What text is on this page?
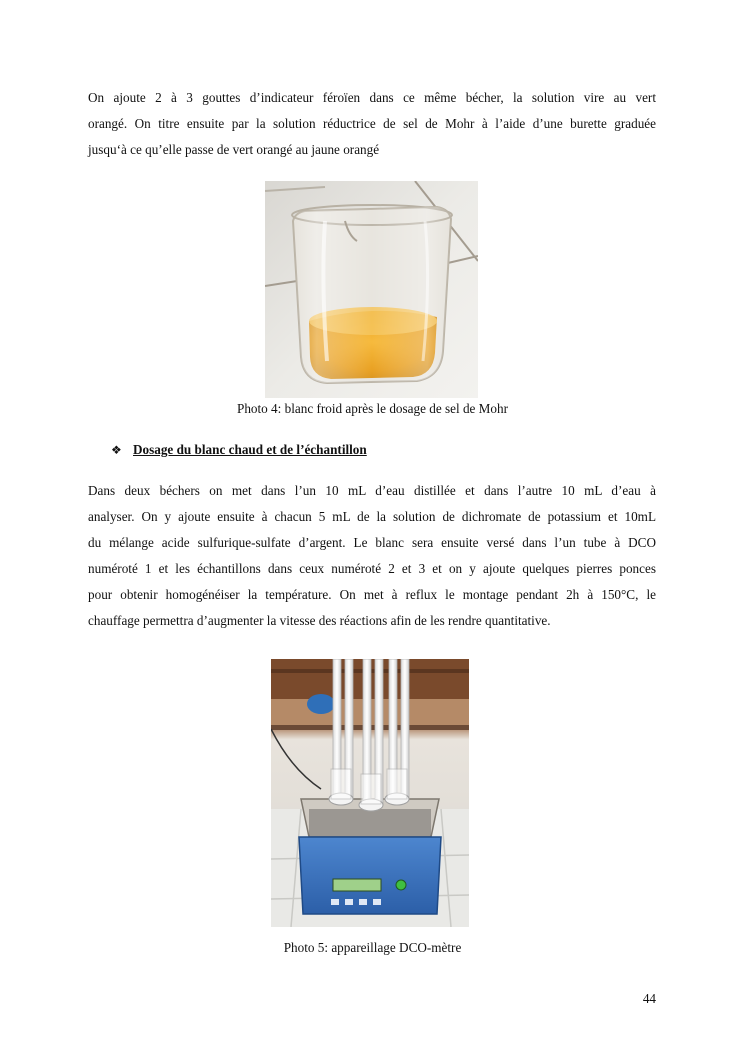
On ajoute 2 à 3 gouttes d’indicateur féroïen dans ce même bécher, la solution vire au vert
orangé. On titre ensuite par la solution réductrice de sel de Mohr à l’aide d’une burette graduée
jusqu‘à ce qu’elle passe de vert orangé au jaune orangé
Photo 4: blanc froid après le dosage de sel de Mohr
❖ Dosage du blanc chaud et de l’échantillon
Dans deux béchers on met dans l’un 10 mL d’eau distillée et dans l’autre 10 mL d’eau à
analyser. On y ajoute ensuite à chacun 5 mL de la solution de dichromate de potassium et 10mL
du mélange acide sulfurique-sulfate d’argent. Le blanc sera ensuite versé dans l’un tube à DCO
numéroté 1 et les échantillons dans ceux numéroté 2 et 3 et on y ajoute quelques pierres ponces
pour obtenir homogénéiser la température. On met à reflux le montage pendant 2h à 150°C, le
chauffage permettra d’augmenter la vitesse des réactions afin de les rendre quantitative.
Photo 5: appareillage DCO-mètre
44
